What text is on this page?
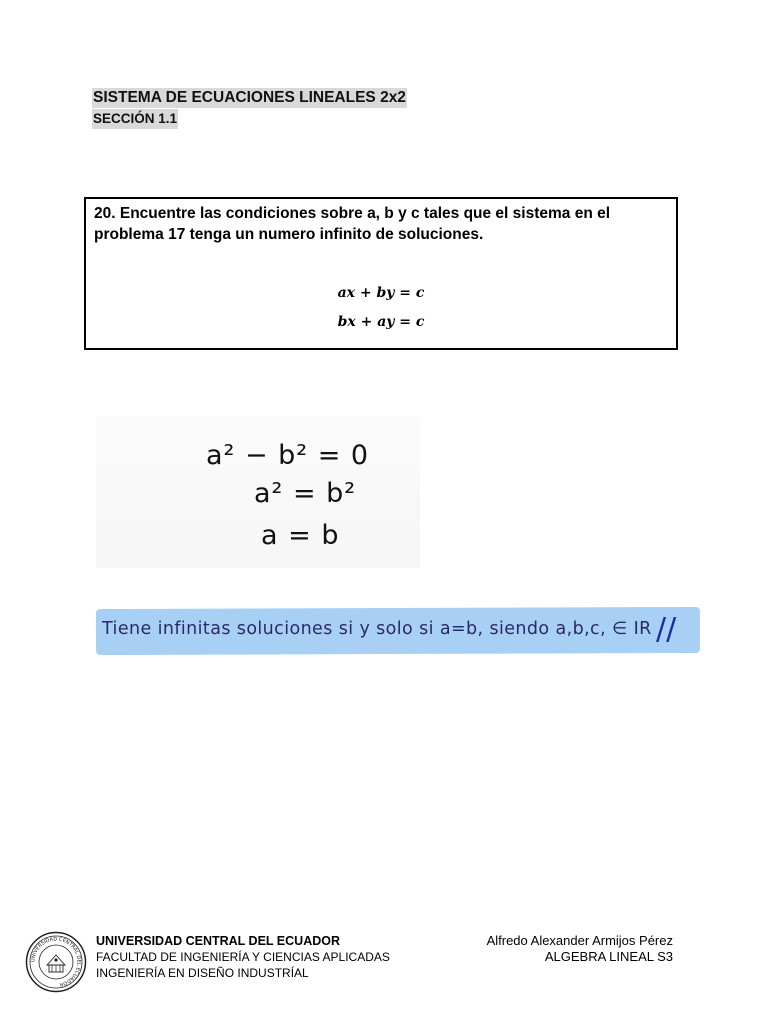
SISTEMA DE ECUACIONES LINEALES 2x2
SECCIÓN 1.1
20. Encuentre las condiciones sobre a, b y c tales que el sistema en el problema 17 tenga un numero infinito de soluciones.
ax + by = c
bx + ay = c
a² − b² = 0
a² = b²
a = b
Tiene infinitas soluciones si y solo si a=b, siendo a,b,c, ∈ IR //
UNIVERSIDAD CENTRAL DEL ECUADOR
UNIVERSIDAD CENTRAL DEL ECUADOR
FACULTAD DE INGENIERÍA Y CIENCIAS APLICADAS
INGENIERÍA EN DISEÑO INDUSTRÍAL
Alfredo Alexander Armijos Pérez
ALGEBRA LINEAL S3
